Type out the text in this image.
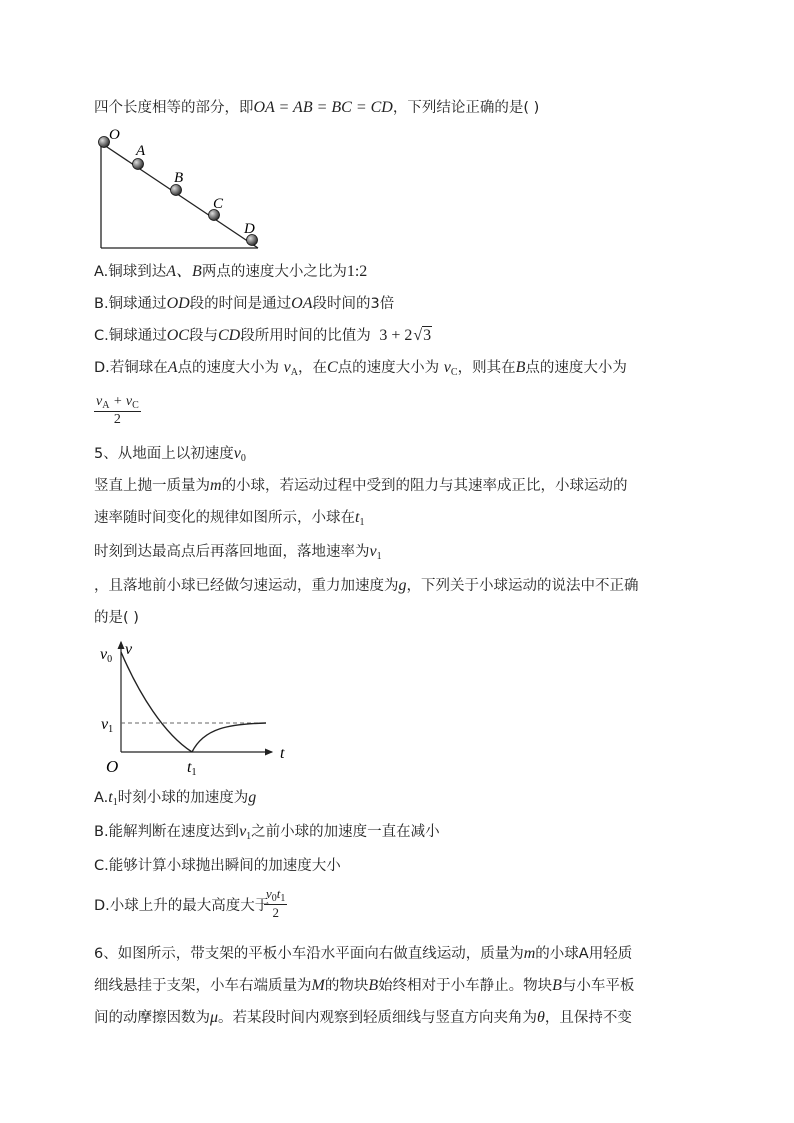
四个长度相等的部分，即OA = AB = BC = CD，下列结论正确的是( )
O
A
B
C
D
A.铜球到达A、B两点的速度大小之比为1:2
B.铜球通过OD段的时间是通过OA段时间的3倍
C.铜球通过OC段与CD段所用时间的比值为 3 + 2√3
D.若铜球在A点的速度大小为 $v_A$，在C点的速度大小为 $v_C$，则其在B点的速度大小为
$\frac{v_A + v_C}{2}$
5、从地面上以初速度$v_0$
竖直上抛一质量为m的小球，若运动过程中受到的阻力与其速率成正比，小球运动的
速率随时间变化的规律如图所示，小球在$t_1$
时刻到达最高点后再落回地面，落地速率为$v_1$
，且落地前小球已经做匀速运动，重力加速度为g，下列关于小球运动的说法中不正确
的是( )
v0
v
v1
t
O	t1
$A.t_1$时刻小球的加速度为g
B.能解判断在速度达到$v_1$之前小球的加速度一直在减小
C.能够计算小球抛出瞬间的加速度大小
D.小球上升的最大高度大于
$\frac{v_0t_1}{2}$
6、如图所示，带支架的平板小车沿水平面向右做直线运动，质量为m的小球A用轻质
细线悬挂于支架，小车右端质量为M的物块B始终相对于小车静止。物块B与小车平板
间的动摩擦因数为μ。若某段时间内观察到轻质细线与竖直方向夹角为θ，且保持不变
